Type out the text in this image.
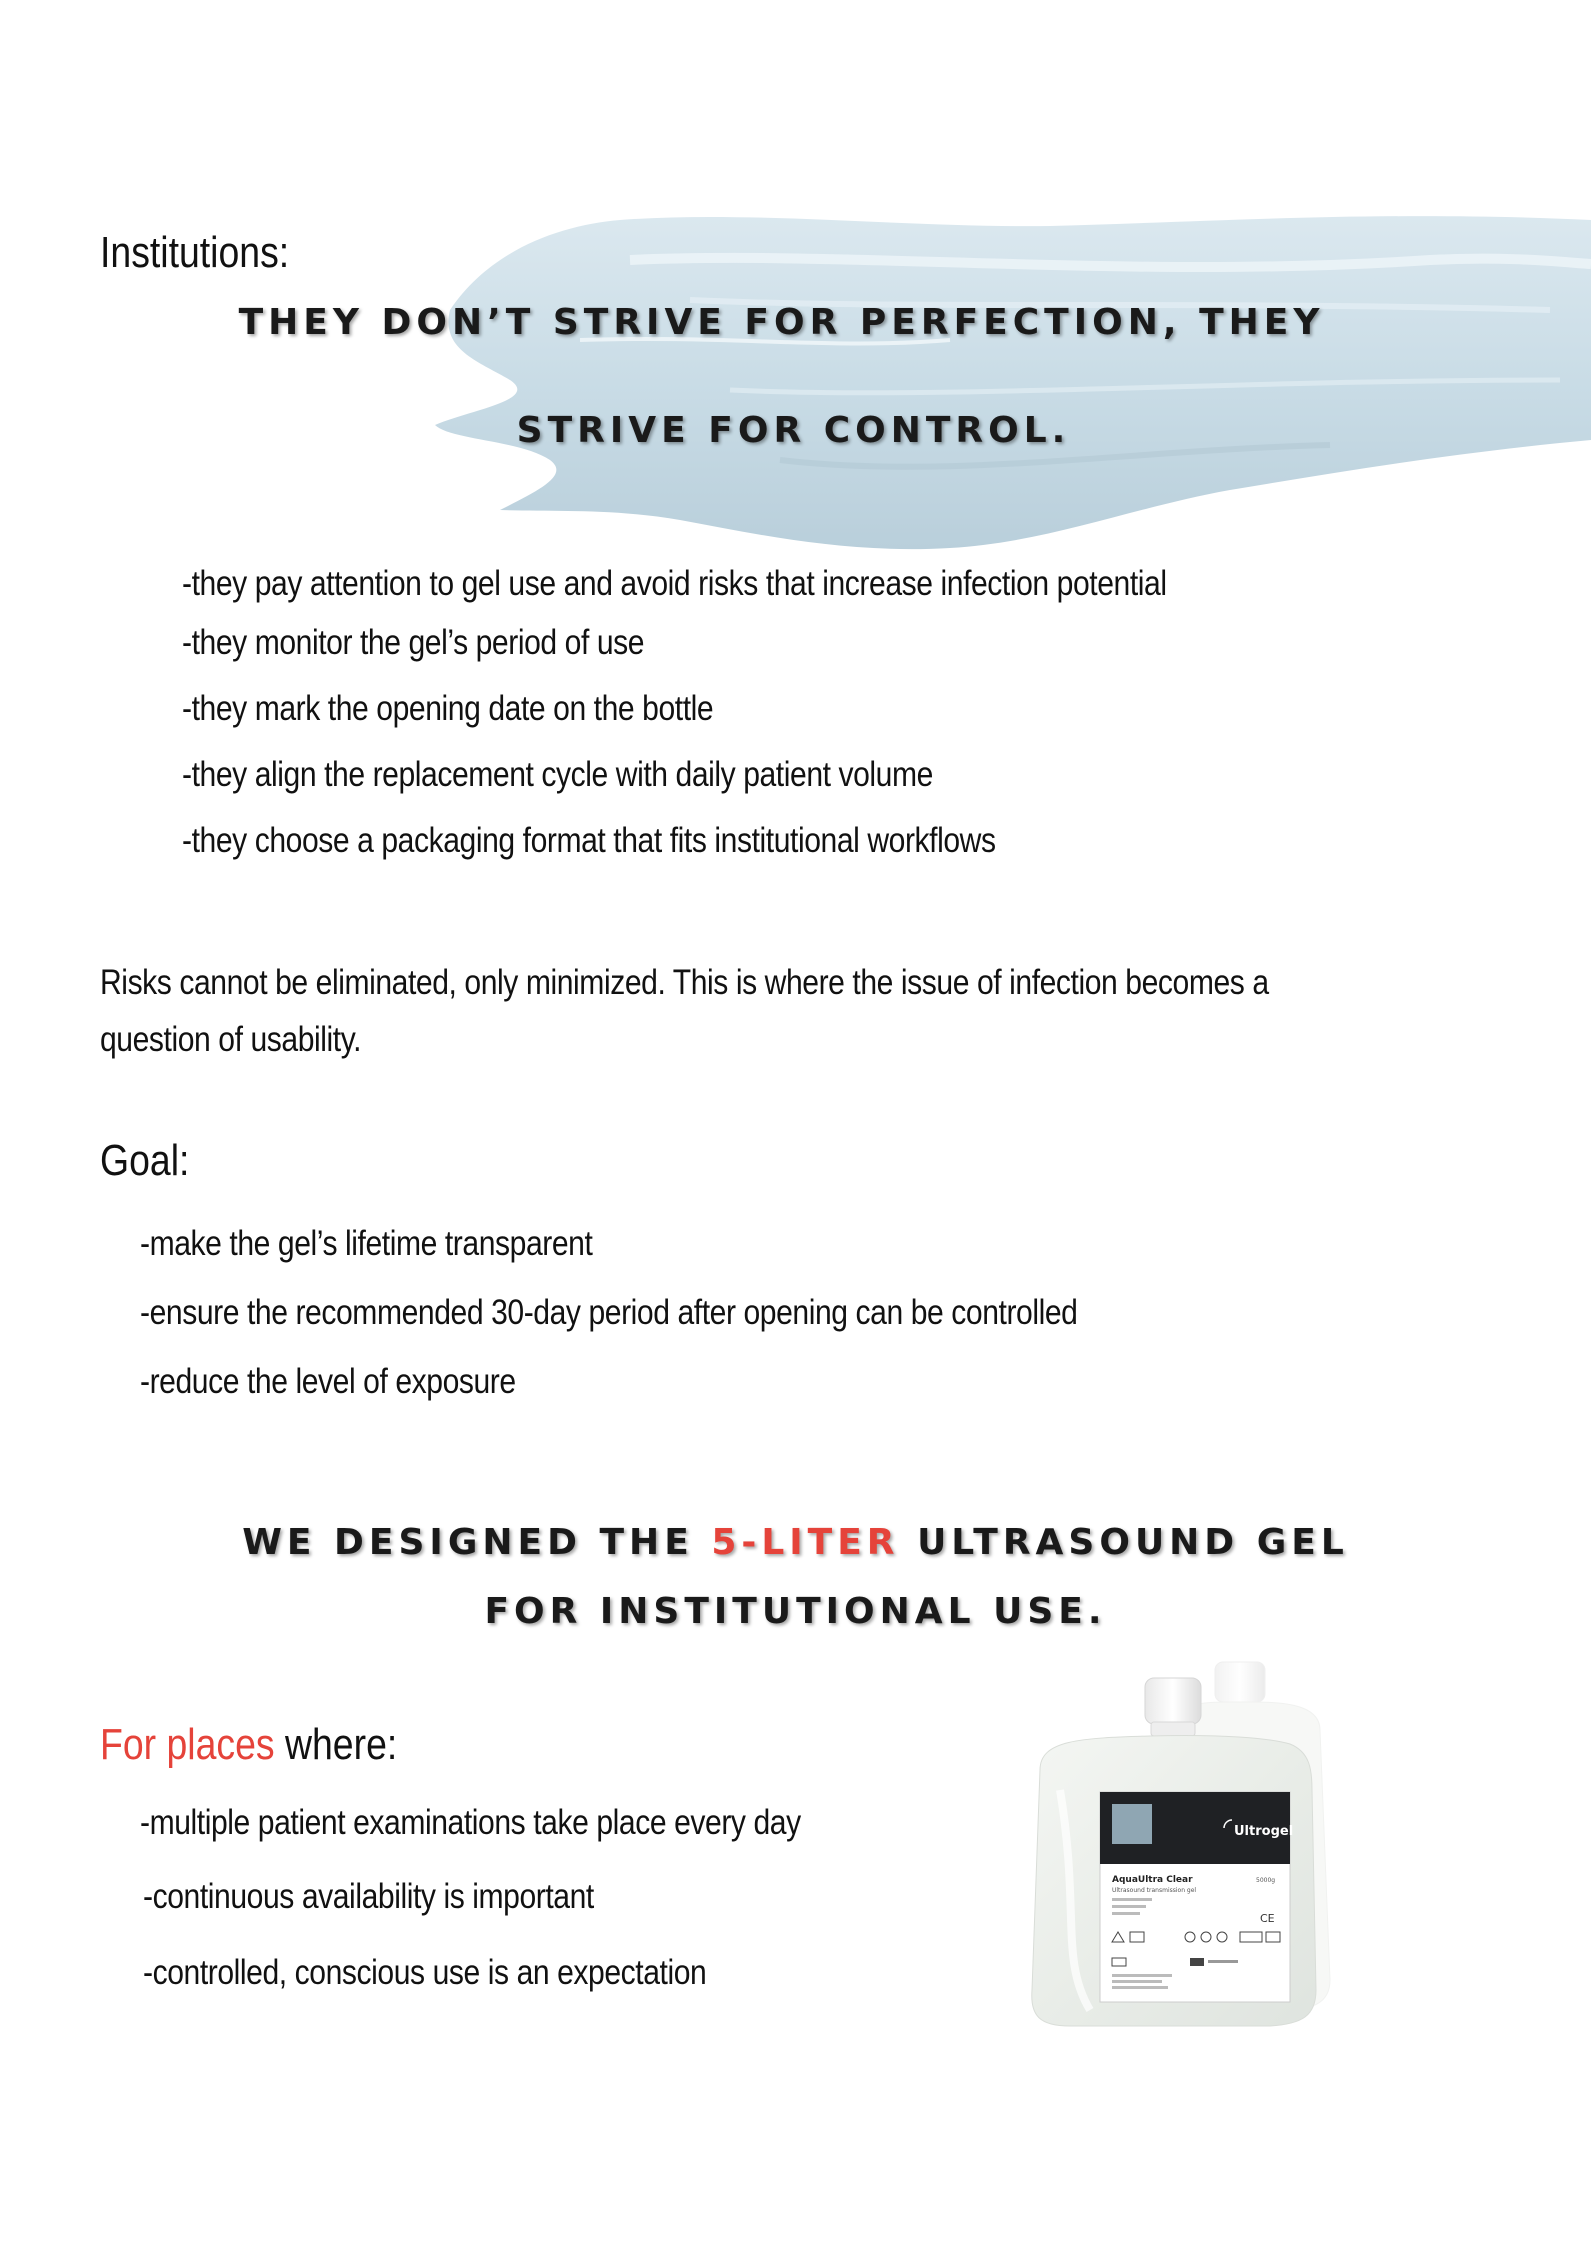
Institutions:
THEY DON’T STRIVE FOR PERFECTION, THEY
STRIVE FOR CONTROL.
-they pay attention to gel use and avoid risks that increase infection potential
-they monitor the gel’s period of use
-they mark the opening date on the bottle
-they align the replacement cycle with daily patient volume
-they choose a packaging format that fits institutional workflows
Risks cannot be eliminated, only minimized. This is where the issue of infection becomes a
question of usability.
Goal:
-make the gel’s lifetime transparent
-ensure the recommended 30-day period after opening can be controlled
-reduce the level of exposure
WE DESIGNED THE 5-LITER ULTRASOUND GEL
FOR INSTITUTIONAL USE.
For places where:
-multiple patient examinations take place every day
-continuous availability is important
-controlled, conscious use is an expectation
Ultrogel
AquaUltra Clear	5000g
Ultrasound transmission gel
CE
